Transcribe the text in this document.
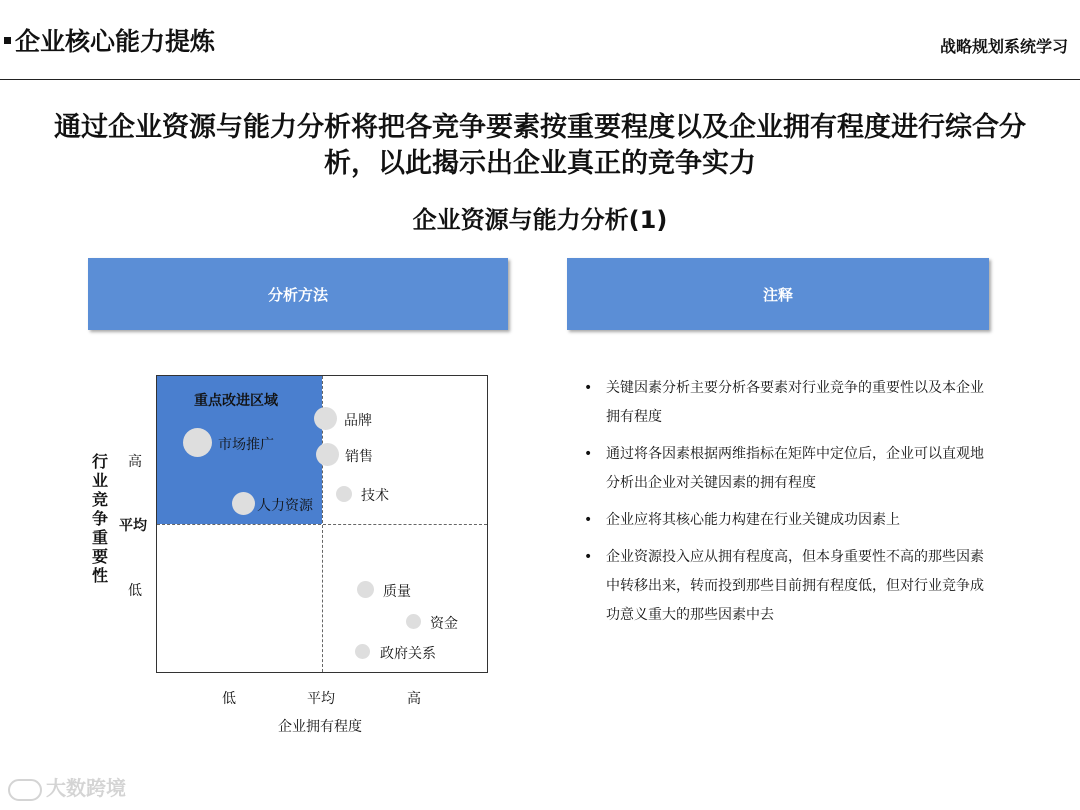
企业核心能力提炼	战略规划系统学习
通过企业资源与能力分析将把各竞争要素按重要程度以及企业拥有程度进行综合分析，以此揭示出企业真正的竞争实力
企业资源与能力分析(1)
分析方法	注释
重点改进区域
品牌
市场推广
销售
技术
人力资源
质量
资金
政府关系
行业竞争重要性
高
平均
低
低	平均	高
企业拥有程度
• 关键因素分析主要分析各要素对行业竞争的重要性以及本企业拥有程度
• 通过将各因素根据两维指标在矩阵中定位后，企业可以直观地分析出企业对关键因素的拥有程度
• 企业应将其核心能力构建在行业关键成功因素上
• 企业资源投入应从拥有程度高，但本身重要性不高的那些因素中转移出来，转而投到那些目前拥有程度低，但对行业竞争成功意义重大的那些因素中去
大数跨境
